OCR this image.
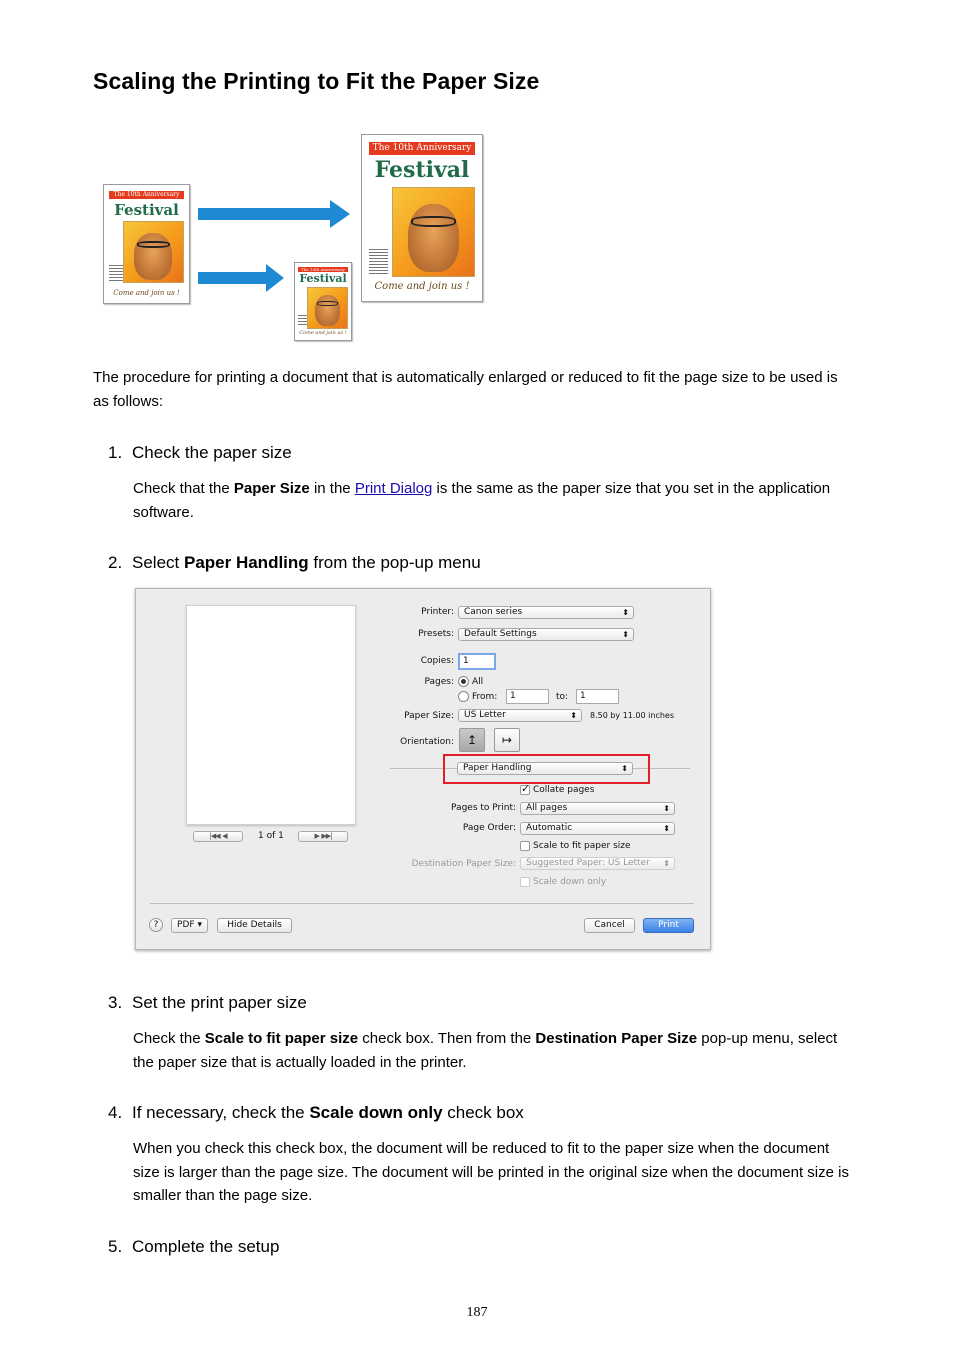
Scaling the Printing to Fit the Paper Size
The 10th Anniversary
Festival
Come and join us !
The 10th Anniversary
Festival
Come and join us !
The 10th Anniversary
Festival
Come and join us !
The procedure for printing a document that is automatically enlarged or reduced to fit the page size to be used is as follows:
1. Check the paper size
Check that the Paper Size in the Print Dialog is the same as the paper size that you set in the application software.
2. Select Paper Handling from the pop-up menu
|◀◀  ◀	1 of 1	▶  ▶▶|
Printer:	Canon series	⬍
Presets:	Default Settings	⬍
Copies:	1
Pages: All
From:	1	to:	1
Paper Size:	US Letter	⬍ 8.50 by 11.00 inches
Orientation:	↥	↦
Paper Handling	⬍
✓
Collate pages
Pages to Print:	All pages	⬍
Page Order:	Automatic	⬍
Scale to fit paper size
Destination Paper Size:	Suggested Paper: US Letter ⬍
Scale down only
?	PDF ▾	Hide Details	Cancel	Print
3. Set the print paper size
Check the Scale to fit paper size check box. Then from the Destination Paper Size pop-up menu, select the paper size that is actually loaded in the printer.
4. If necessary, check the Scale down only check box
When you check this check box, the document will be reduced to fit to the paper size when the document size is larger than the page size. The document will be printed in the original size when the document size is smaller than the page size.
5. Complete the setup
187
